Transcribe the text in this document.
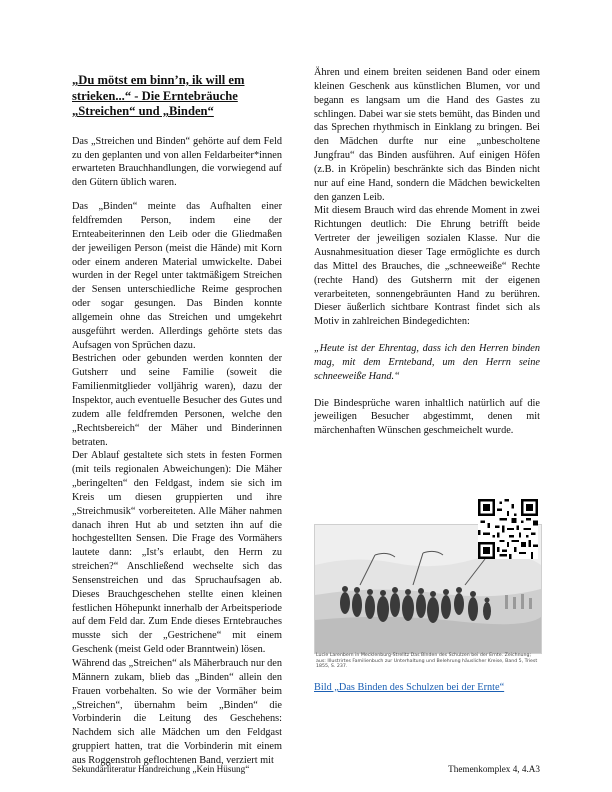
„Du mötst em binn’n, ik will em strieken...“ - Die Erntebräuche „Streichen“ und „Binden“

Das „Streichen und Binden“ gehörte auf dem Feld zu den geplanten und von allen Feldarbeiter*innen erwarteten Brauchhandlungen, die vorwiegend auf den Gütern üblich waren.

Das „Binden“ meinte das Aufhalten einer feldfremden Person, indem eine der Ernteabeiterinnen den Leib oder die Gliedmaßen der jeweiligen Person (meist die Hände) mit Korn oder einem anderen Material umwickelte. Dabei wurden in der Regel unter taktmäßigem Streichen der Sensen unterschiedliche Reime gesprochen oder sogar gesungen. Das Binden konnte allgemein ohne das Streichen und umgekehrt ausgeführt werden. Allerdings gehörte stets das Aufsagen von Sprüchen dazu.

Bestrichen oder gebunden werden konnten der Gutsherr und seine Familie (soweit die Familienmitglieder volljährig waren), dazu der Inspektor, auch eventuelle Besucher des Gutes und zudem alle feldfremden Personen, welche den „Rechtsbereich“ der Mäher und Binderinnen betraten.

Der Ablauf gestaltete sich stets in festen Formen (mit teils regionalen Abweichungen): Die Mäher „beringelten“ den Feldgast, indem sie sich im Kreis um diesen gruppierten und ihre „Streichmusik“ vorbereiteten. Alle Mäher nahmen danach ihren Hut ab und setzten ihn auf die hochgestellten Sensen. Die Frage des Vormähers lautete dann: „Ist’s erlaubt, den Herrn zu streichen?“ Anschließend wechselte sich das Sensenstreichen und das Spruchaufsagen ab. Dieses Brauchgeschehen stellte einen kleinen festlichen Höhepunkt innerhalb der Arbeitsperiode auf dem Feld dar. Zum Ende dieses Erntebrauches musste sich der „Gestrichene“ mit einem Geschenk (meist Geld oder Branntwein) lösen.

Während das „Streichen“ als Mäherbrauch nur den Männern zukam, blieb das „Binden“ allein den Frauen vorbehalten. So wie der Vormäher beim „Streichen“, übernahm beim „Binden“ die Vorbinderin die Leitung des Geschehens: Nachdem sich alle Mädchen um den Feldgast gruppiert hatten, trat die Vorbinderin mit einem aus Roggenstroh geflochtenen Band, verziert mit

Ähren und einem breiten seidenen Band oder einem kleinen Geschenk aus künstlichen Blumen, vor und begann es langsam um die Hand des Gastes zu schlingen. Dabei war sie stets bemüht, das Binden und das Sprechen rhythmisch in Einklang zu bringen. Bei den Mädchen durfte nur eine „unbescholtene Jungfrau“ das Binden ausführen. Auf einigen Höfen (z.B. in Kröpelin) beschränkte sich das Binden nicht nur auf eine Hand, sondern die Mädchen bewickelten den ganzen Leib.

Mit diesem Brauch wird das ehrende Moment in zwei Richtungen deutlich: Die Ehrung betrifft beide Vertreter der jeweiligen sozialen Klasse. Nur die Ausnahmesituation dieser Tage ermöglichte es durch das Mittel des Brauches, die „schneeweiße“ Rechte (rechte Hand) des Gutsherrn mit der eigenen verarbeiteten, sonnengebräunten Hand zu berühren. Dieser äußerlich sichtbare Kontrast findet sich als Motiv in zahlreichen Bindegedichten:

„Heute ist der Ehrentag, dass ich den Herren binden mag, mit dem Ernteband, um den Herrn seine schneeweiße Hand.“

Die Bindesprüche waren inhaltlich natürlich auf die jeweiligen Besucher abgestimmt, denen mit märchenhaften Wünschen geschmeichelt wurde.

Lucie Larenbern in Mecklenburg-Strelitz Das Binden des Schulzen bei der Ernte. Zeichnung; aus: Illustrirtes Familienbuch zur Unterhaltung und Belehrung häuslicher Kreise, Band 5, Triest 1855, S. 237.
Bild „Das Binden des Schulzen bei der Ernte“
Sekundärliteratur Handreichung „Kein Hüsung“	Themenkomplex 4, 4.A3
